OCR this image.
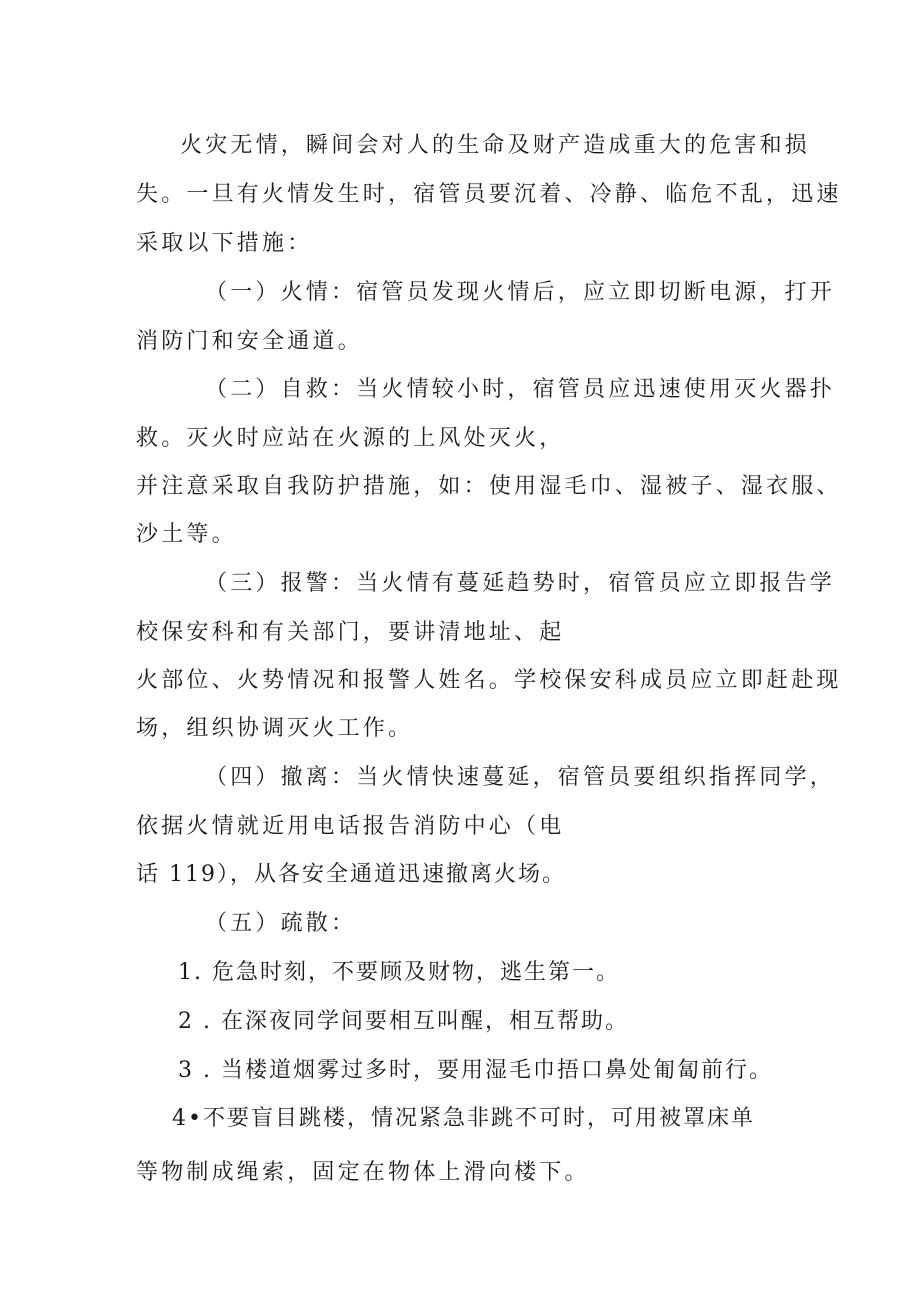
火灾无情，瞬间会对人的生命及财产造成重大的危害和损
失。一旦有火情发生时，宿管员要沉着、冷静、临危不乱，迅速
采取以下措施：
（一）火情：宿管员发现火情后，应立即切断电源，打开
消防门和安全通道。
（二）自救：当火情较小时，宿管员应迅速使用灭火器扑
救。灭火时应站在火源的上风处灭火，
并注意采取自我防护措施，如：使用湿毛巾、湿被子、湿衣服、
沙土等。
（三）报警：当火情有蔓延趋势时，宿管员应立即报告学
校保安科和有关部门，要讲清地址、起
火部位、火势情况和报警人姓名。学校保安科成员应立即赶赴现
场，组织协调灭火工作。
（四）撤离：当火情快速蔓延，宿管员要组织指挥同学，
依据火情就近用电话报告消防中心（电
话 119），从各安全通道迅速撤离火场。
（五）疏散：
1. 危急时刻，不要顾及财物，逃生第一。
2 . 在深夜同学间要相互叫醒，相互帮助。
3 . 当楼道烟雾过多时，要用湿毛巾捂口鼻处匍匐前行。
4•不要盲目跳楼，情况紧急非跳不可时，可用被罩床单
等物制成绳索，固定在物体上滑向楼下。
